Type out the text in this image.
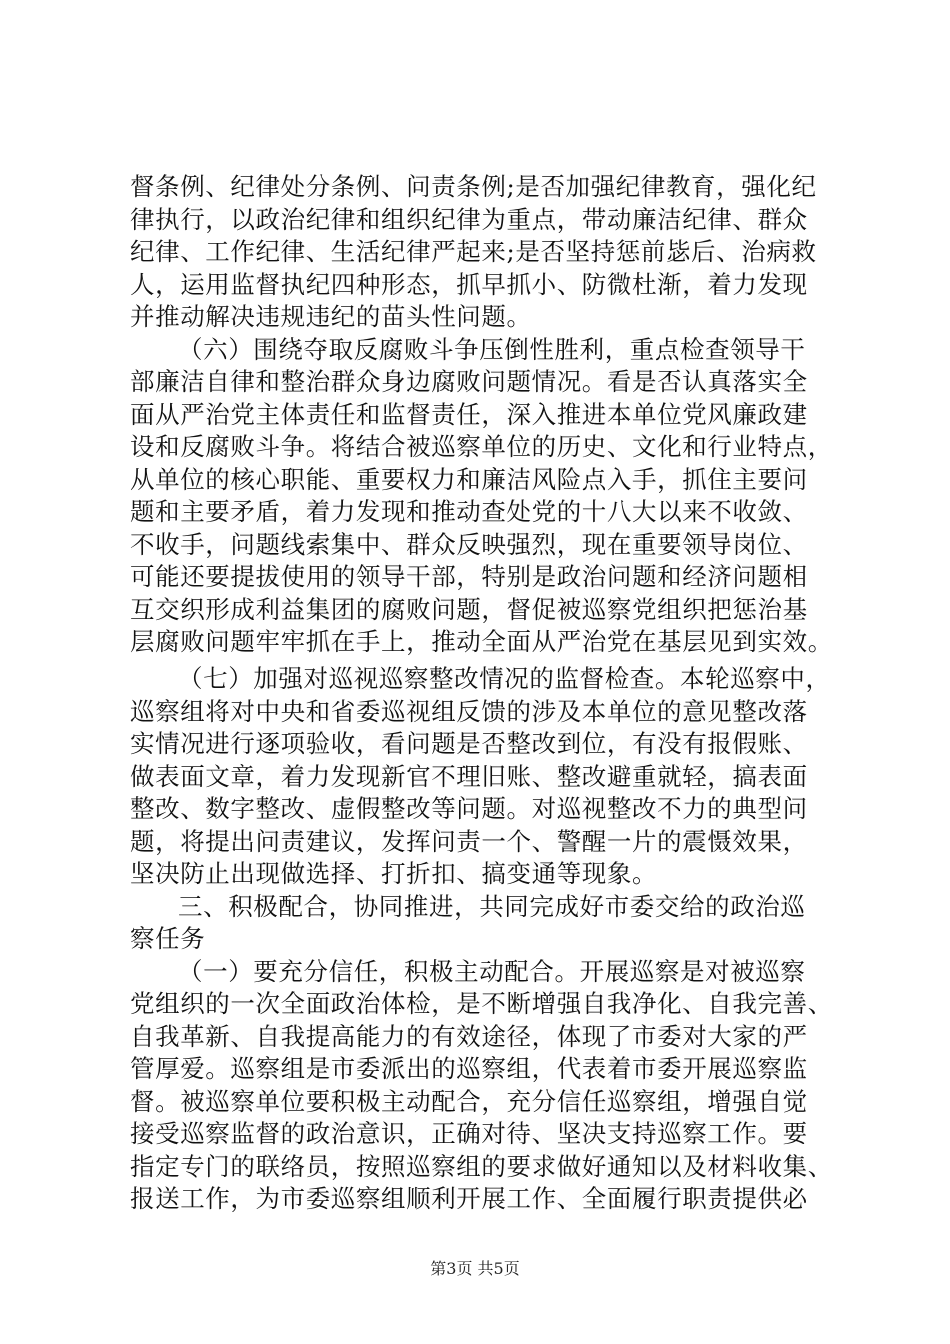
督条例、纪律处分条例、问责条例;是否加强纪律教育，强化纪
律执行，以政治纪律和组织纪律为重点，带动廉洁纪律、群众
纪律、工作纪律、生活纪律严起来;是否坚持惩前毖后、治病救
人，运用监督执纪四种形态，抓早抓小、防微杜渐，着力发现
并推动解决违规违纪的苗头性问题。
（六）围绕夺取反腐败斗争压倒性胜利，重点检查领导干
部廉洁自律和整治群众身边腐败问题情况。看是否认真落实全
面从严治党主体责任和监督责任，深入推进本单位党风廉政建
设和反腐败斗争。将结合被巡察单位的历史、文化和行业特点，
从单位的核心职能、重要权力和廉洁风险点入手，抓住主要问
题和主要矛盾，着力发现和推动查处党的十八大以来不收敛、
不收手，问题线索集中、群众反映强烈，现在重要领导岗位、
可能还要提拔使用的领导干部，特别是政治问题和经济问题相
互交织形成利益集团的腐败问题，督促被巡察党组织把惩治基
层腐败问题牢牢抓在手上，推动全面从严治党在基层见到实效。
（七）加强对巡视巡察整改情况的监督检查。本轮巡察中，
巡察组将对中央和省委巡视组反馈的涉及本单位的意见整改落
实情况进行逐项验收，看问题是否整改到位，有没有报假账、
做表面文章，着力发现新官不理旧账、整改避重就轻，搞表面
整改、数字整改、虚假整改等问题。对巡视整改不力的典型问
题，将提出问责建议，发挥问责一个、警醒一片的震慑效果，
坚决防止出现做选择、打折扣、搞变通等现象。
三、积极配合，协同推进，共同完成好市委交给的政治巡
察任务
（一）要充分信任，积极主动配合。开展巡察是对被巡察
党组织的一次全面政治体检，是不断增强自我净化、自我完善、
自我革新、自我提高能力的有效途径，体现了市委对大家的严
管厚爱。巡察组是市委派出的巡察组，代表着市委开展巡察监
督。被巡察单位要积极主动配合，充分信任巡察组，增强自觉
接受巡察监督的政治意识，正确对待、坚决支持巡察工作。要
指定专门的联络员，按照巡察组的要求做好通知以及材料收集、
报送工作，为市委巡察组顺利开展工作、全面履行职责提供必
第3页 共5页
